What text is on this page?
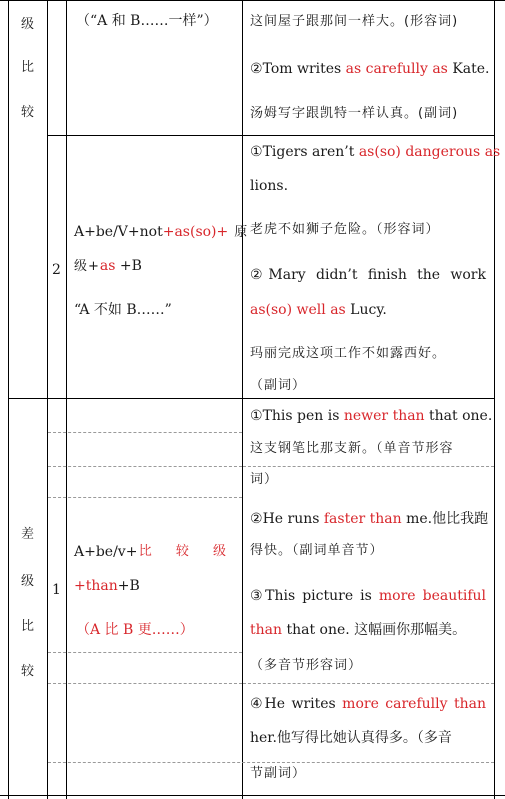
级
比
较
差
级
比
较
（“A 和 B……一样”） 这间屋子跟那间一样大。(形容词)
②Tom writes as carefully as Kate.
汤姆写字跟凯特一样认真。(副词)
2
A+be/V+not+as(so)+ 原
级+as +B
“A 不如 B……”
①Tigers aren’t as(so) dangerous as
lions.
老虎不如狮子危险。（形容词）
②Mary didn’t finish the work
as(so) well as Lucy.
玛丽完成这项工作不如露西好。
（副词）
1
A+be/v+ 比 较 级
+than+B
（A 比 B 更……）
①This pen is newer than that one.
这支钢笔比那支新。（单音节形容
词）
②He runs faster than me.他比我跑
得快。（副词单音节）
③This picture is more beautiful
than that one. 这幅画你那幅美。
（多音节形容词）
④He writes more carefully than
her.他写得比她认真得多。（多音
节副词）
